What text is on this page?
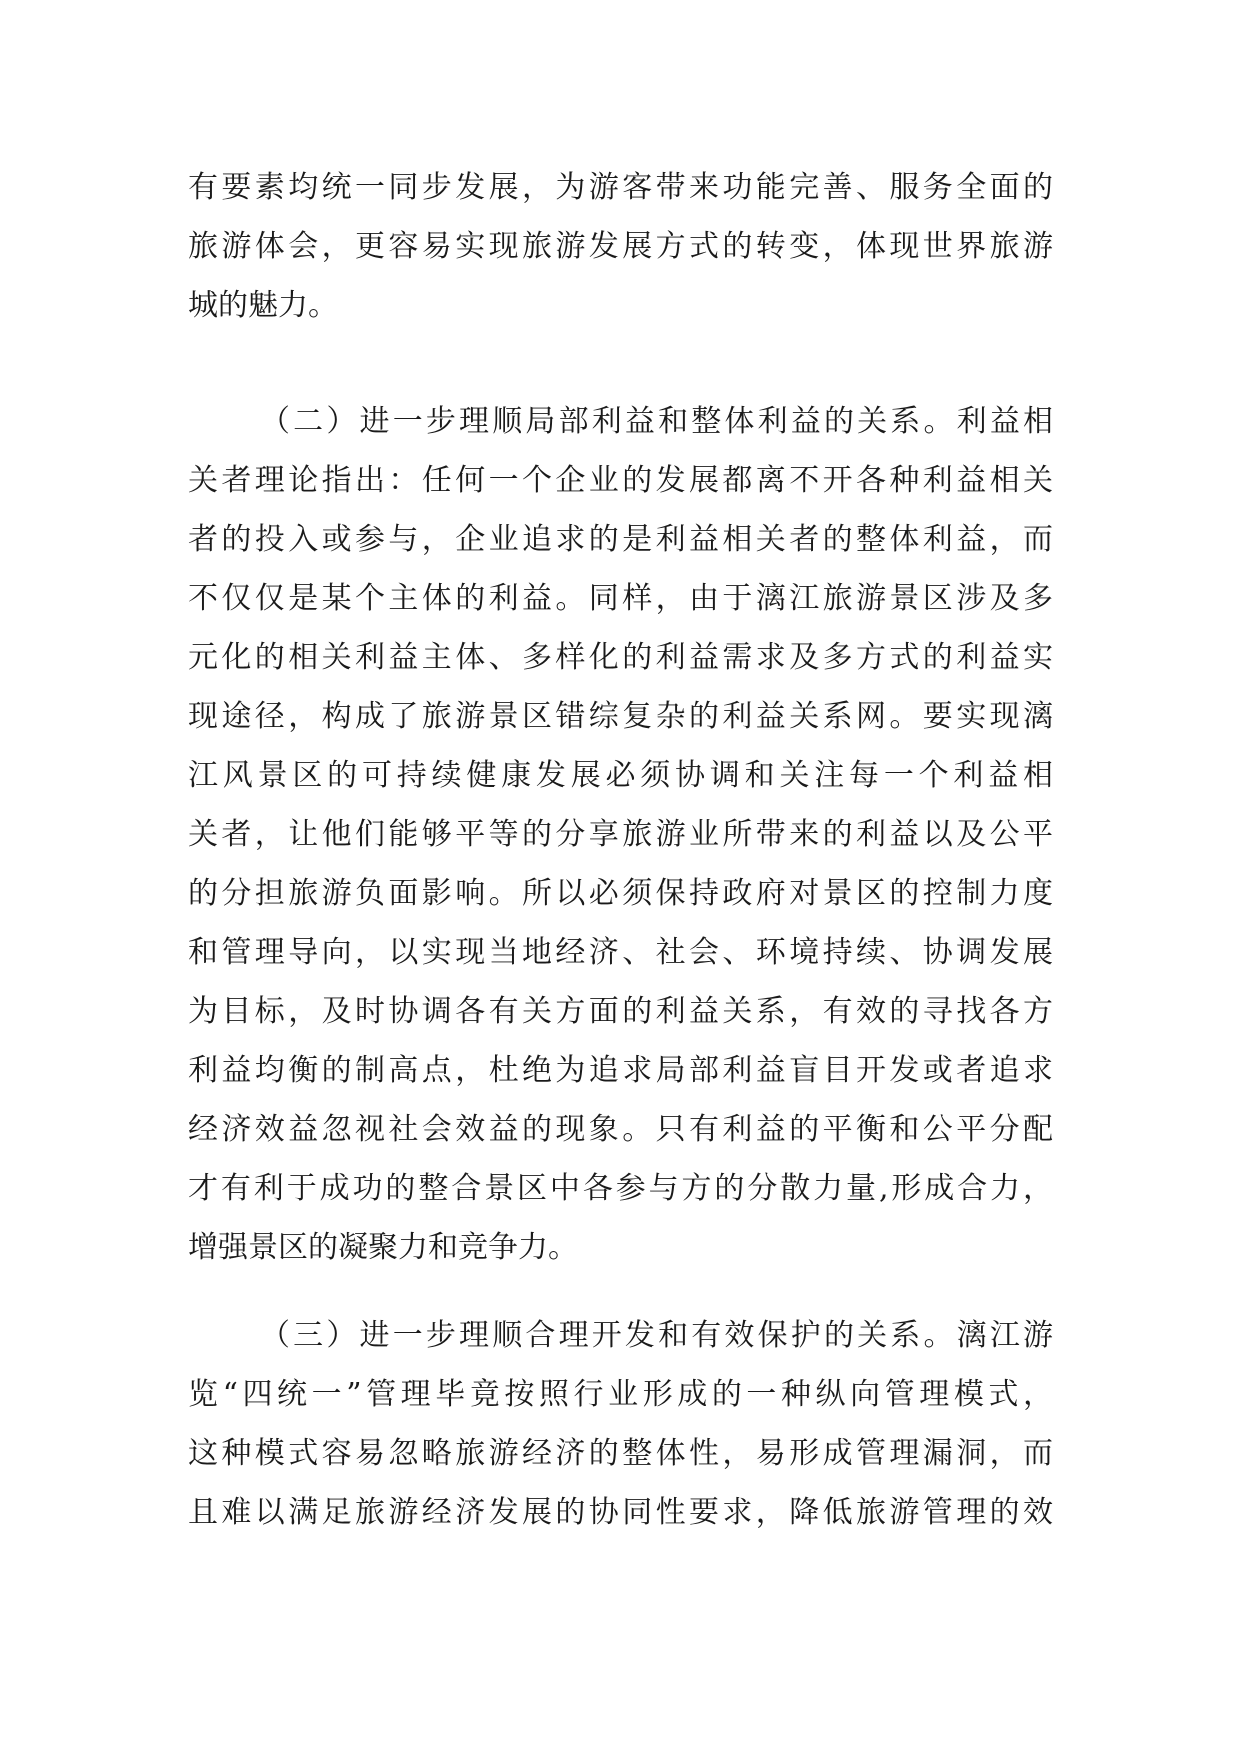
有要素均统一同步发展，为游客带来功能完善、服务全面的
旅游体会，更容易实现旅游发展方式的转变，体现世界旅游
城的魅力。
（二）进一步理顺局部利益和整体利益的关系。利益相
关者理论指出：任何一个企业的发展都离不开各种利益相关
者的投入或参与，企业追求的是利益相关者的整体利益，而
不仅仅是某个主体的利益。同样，由于漓江旅游景区涉及多
元化的相关利益主体、多样化的利益需求及多方式的利益实
现途径，构成了旅游景区错综复杂的利益关系网。要实现漓
江风景区的可持续健康发展必须协调和关注每一个利益相
关者，让他们能够平等的分享旅游业所带来的利益以及公平
的分担旅游负面影响。所以必须保持政府对景区的控制力度
和管理导向，以实现当地经济、社会、环境持续、协调发展
为目标，及时协调各有关方面的利益关系，有效的寻找各方
利益均衡的制高点，杜绝为追求局部利益盲目开发或者追求
经济效益忽视社会效益的现象。只有利益的平衡和公平分配
才有利于成功的整合景区中各参与方的分散力量,形成合力，
增强景区的凝聚力和竞争力。
（三）进一步理顺合理开发和有效保护的关系。漓江游
览“四统一”管理毕竟按照行业形成的一种纵向管理模式，
这种模式容易忽略旅游经济的整体性，易形成管理漏洞，而
且难以满足旅游经济发展的协同性要求，降低旅游管理的效
